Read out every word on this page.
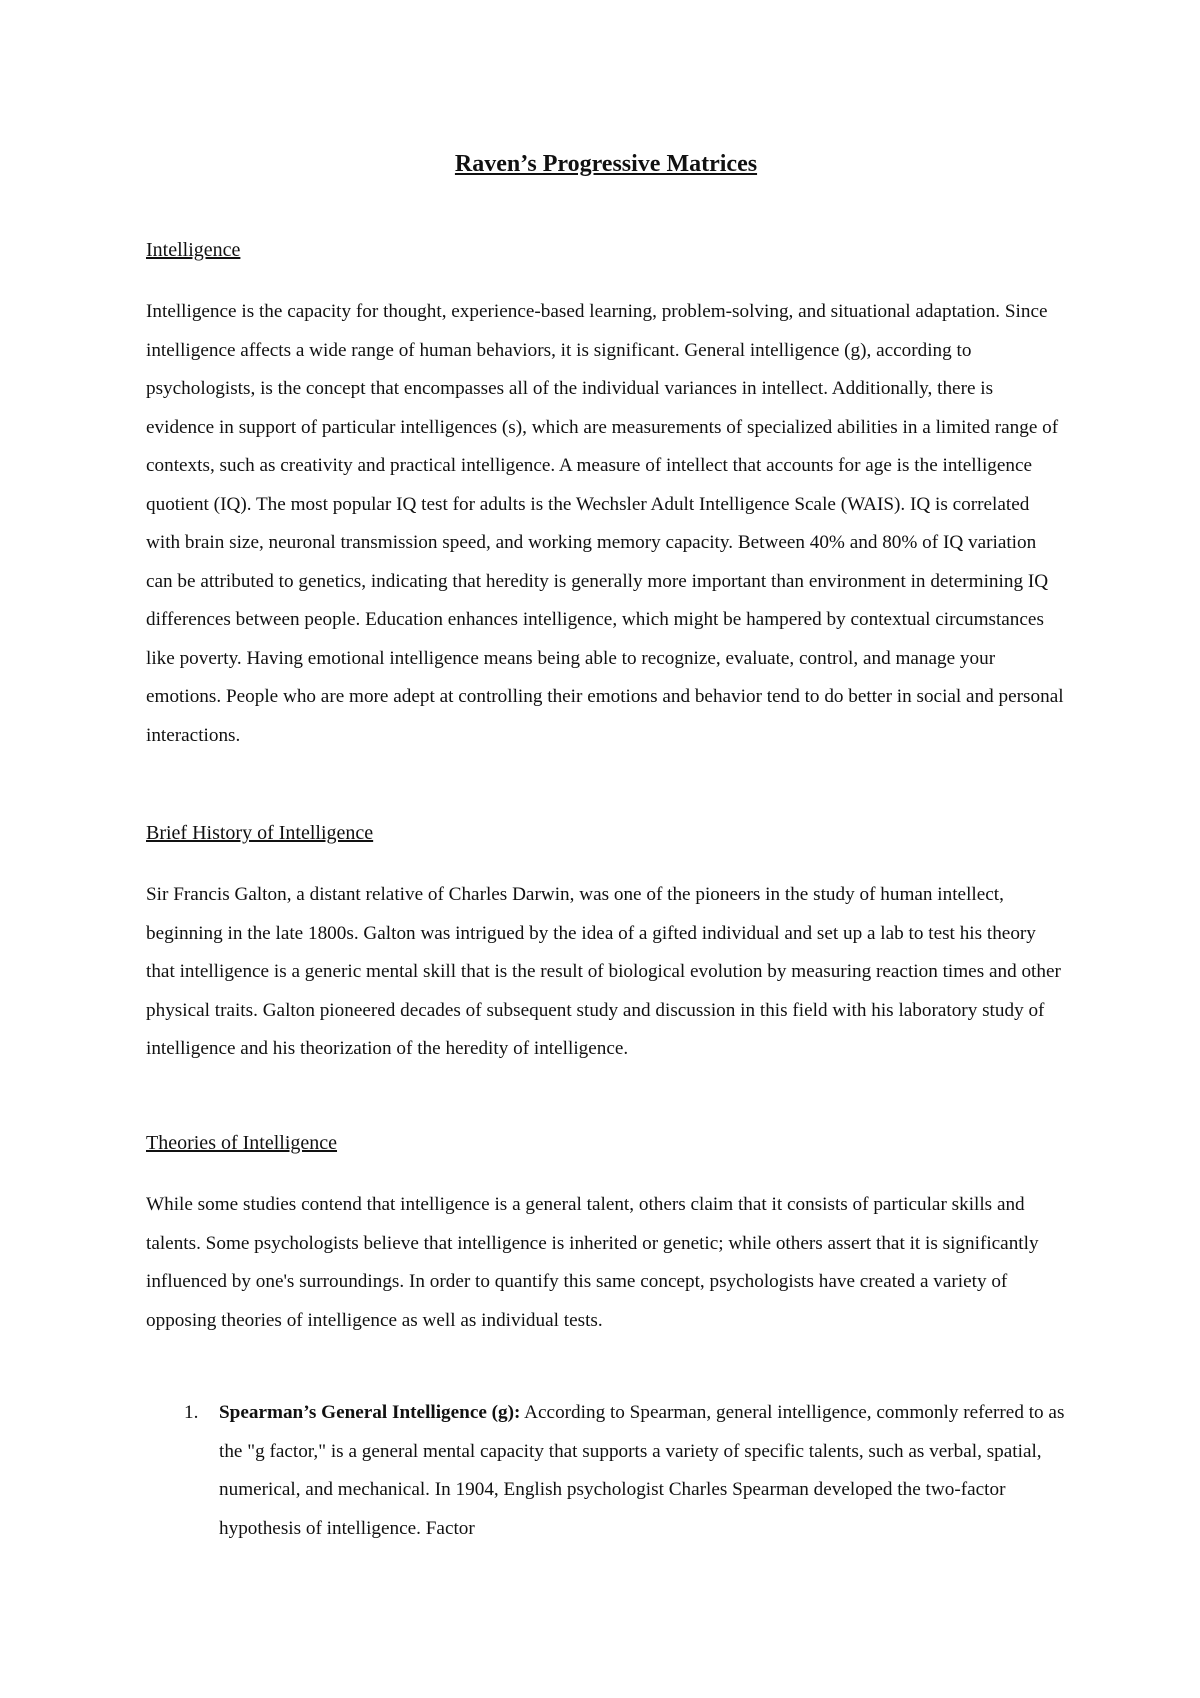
Raven’s Progressive Matrices
Intelligence
Intelligence is the capacity for thought, experience-based learning, problem-solving, and situational adaptation. Since intelligence affects a wide range of human behaviors, it is significant. General intelligence (g), according to psychologists, is the concept that encompasses all of the individual variances in intellect. Additionally, there is evidence in support of particular intelligences (s), which are measurements of specialized abilities in a limited range of contexts, such as creativity and practical intelligence. A measure of intellect that accounts for age is the intelligence quotient (IQ). The most popular IQ test for adults is the Wechsler Adult Intelligence Scale (WAIS). IQ is correlated with brain size, neuronal transmission speed, and working memory capacity. Between 40% and 80% of IQ variation can be attributed to genetics, indicating that heredity is generally more important than environment in determining IQ differences between people. Education enhances intelligence, which might be hampered by contextual circumstances like poverty. Having emotional intelligence means being able to recognize, evaluate, control, and manage your emotions. People who are more adept at controlling their emotions and behavior tend to do better in social and personal interactions.
Brief History of Intelligence
Sir Francis Galton, a distant relative of Charles Darwin, was one of the pioneers in the study of human intellect, beginning in the late 1800s. Galton was intrigued by the idea of a gifted individual and set up a lab to test his theory that intelligence is a generic mental skill that is the result of biological evolution by measuring reaction times and other physical traits. Galton pioneered decades of subsequent study and discussion in this field with his laboratory study of intelligence and his theorization of the heredity of intelligence.
Theories of Intelligence
While some studies contend that intelligence is a general talent, others claim that it consists of particular skills and talents. Some psychologists believe that intelligence is inherited or genetic; while others assert that it is significantly influenced by one's surroundings. In order to quantify this same concept, psychologists have created a variety of opposing theories of intelligence as well as individual tests.
1. Spearman’s General Intelligence (g): According to Spearman, general intelligence, commonly referred to as the "g factor," is a general mental capacity that supports a variety of specific talents, such as verbal, spatial, numerical, and mechanical. In 1904, English psychologist Charles Spearman developed the two-factor hypothesis of intelligence. Factor
